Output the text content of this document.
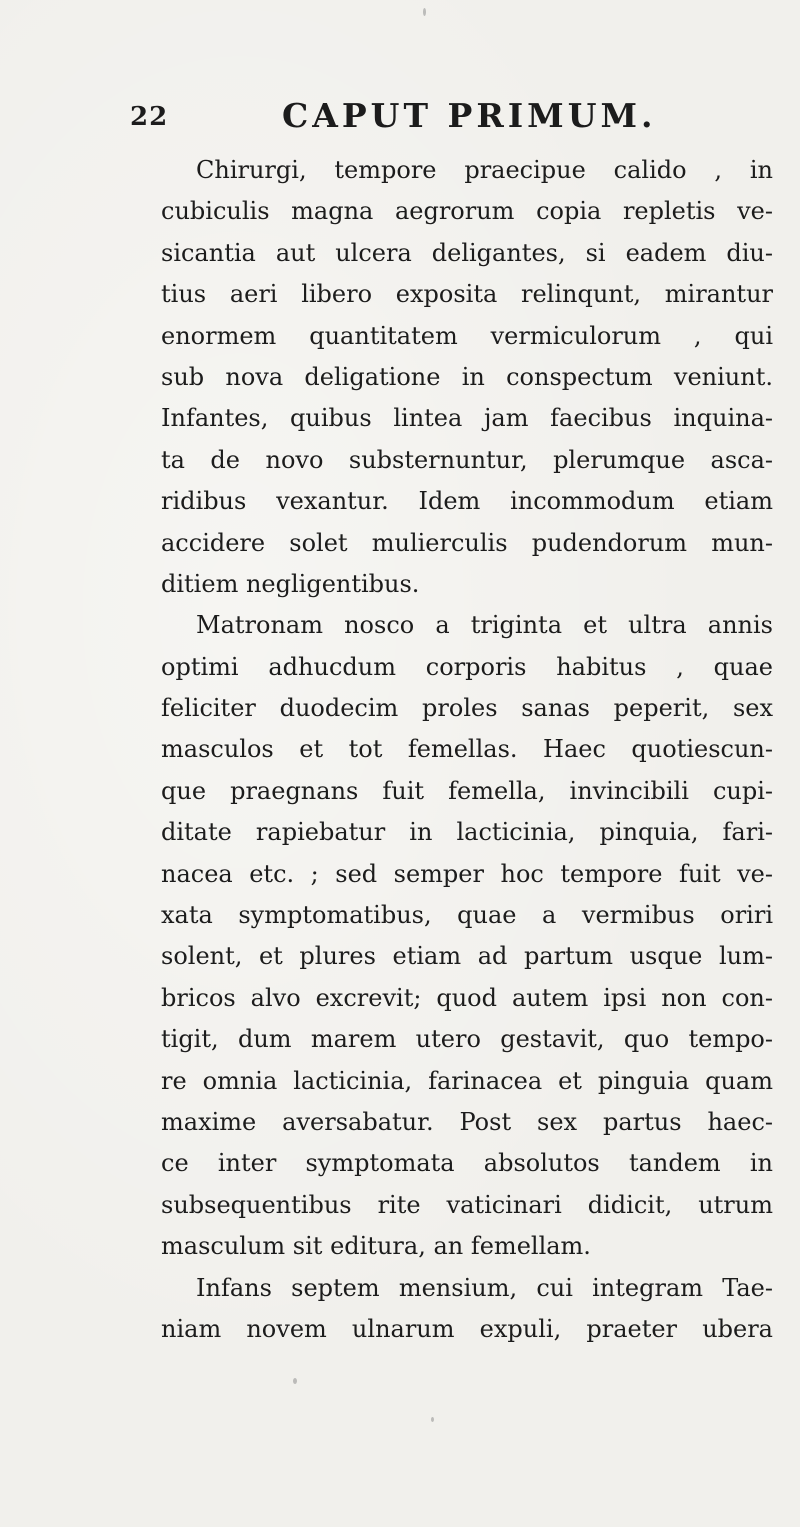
22	CAPUT PRIMUM.
Chirurgi, tempore praecipue calido , in
cubiculis magna aegrorum copia repletis ve-
sicantia aut ulcera deligantes, si eadem diu-
tius aeri libero exposita relinqunt, mirantur
enormem quantitatem vermiculorum , qui
sub nova deligatione in conspectum veniunt.
Infantes, quibus lintea jam faecibus inquina-
ta de novo substernuntur, plerumque asca-
ridibus vexantur. Idem incommodum etiam
accidere solet mulierculis pudendorum mun-
ditiem negligentibus.
Matronam nosco a triginta et ultra annis
optimi adhucdum corporis habitus , quae
feliciter duodecim proles sanas peperit, sex
masculos et tot femellas. Haec quotiescun-
que praegnans fuit femella, invincibili cupi-
ditate rapiebatur in lacticinia, pinquia, fari-
nacea etc. ; sed semper hoc tempore fuit ve-
xata symptomatibus, quae a vermibus oriri
solent, et plures etiam ad partum usque lum-
bricos alvo excrevit; quod autem ipsi non con-
tigit, dum marem utero gestavit, quo tempo-
re omnia lacticinia, farinacea et pinguia quam
maxime aversabatur. Post sex partus haec-
ce inter symptomata absolutos tandem in
subsequentibus rite vaticinari didicit, utrum
masculum sit editura, an femellam.
Infans septem mensium, cui integram Tae-
niam novem ulnarum expuli, praeter ubera
